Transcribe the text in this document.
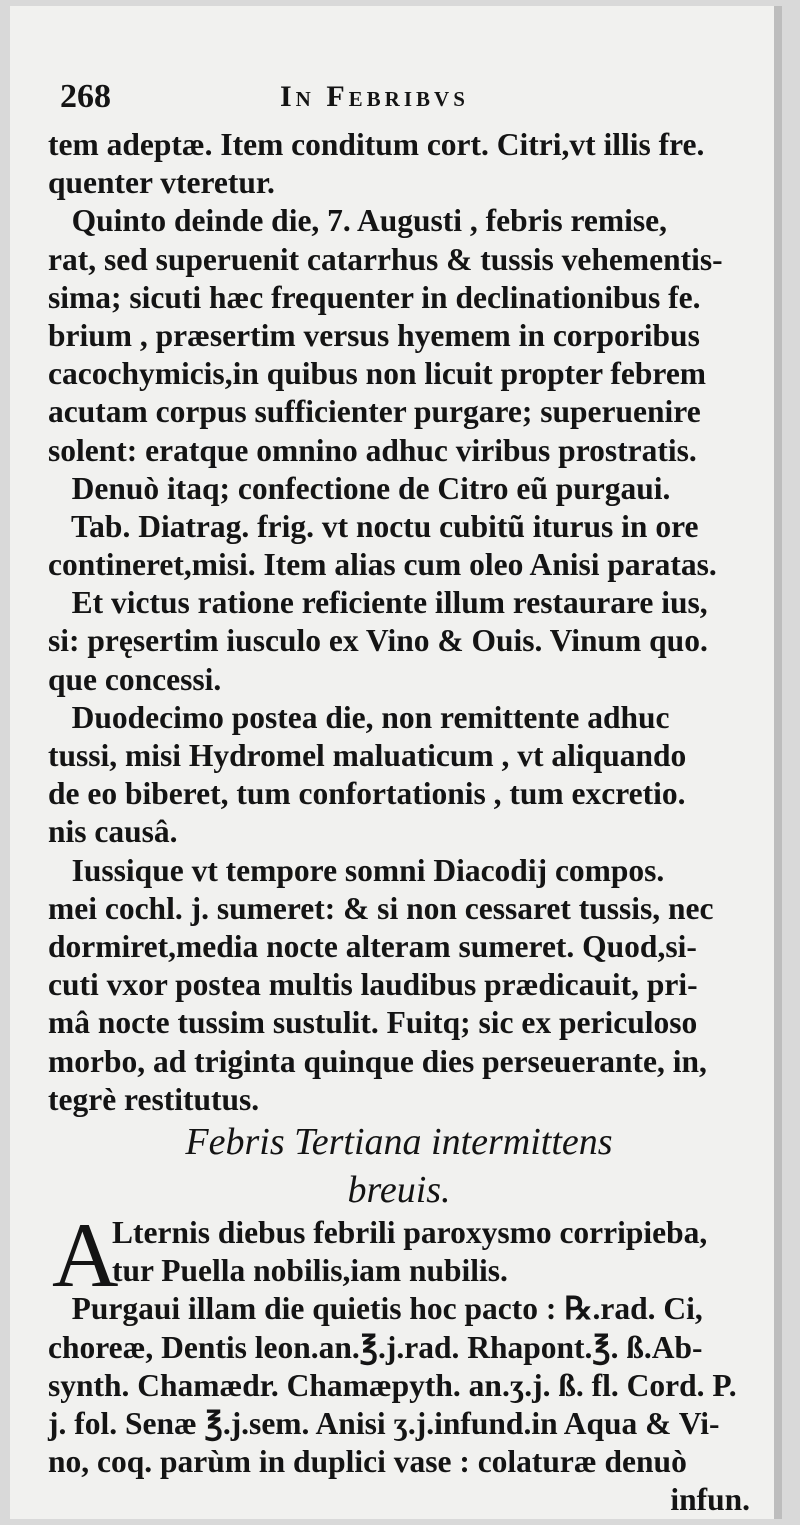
268	In Febribvs
tem adeptæ. Item conditum cort. Citri,vt illis fre.
quenter vteretur.
Quinto deinde die, 7. Augusti , febris remise,
rat, sed superuenit catarrhus & tussis vehementis-
sima; sicuti hæc frequenter in declinationibus fe.
brium , præsertim versus hyemem in corporibus
cacochymicis,in quibus non licuit propter febrem
acutam corpus sufficienter purgare; superuenire
solent: eratque omnino adhuc viribus prostratis.
Denuò itaq; confectione de Citro eũ purgaui.
Tab. Diatrag. frig. vt noctu cubitũ iturus in ore
contineret,misi. Item alias cum oleo Anisi paratas.
Et victus ratione reficiente illum restaurare ius,
si: pręsertim iusculo ex Vino & Ouis. Vinum quo.
que concessi.
Duodecimo postea die, non remittente adhuc
tussi, misi Hydromel maluaticum , vt aliquando
de eo biberet, tum confortationis , tum excretio.
nis causâ.
Iussique vt tempore somni Diacodij compos.
mei cochl. j. sumeret: & si non cessaret tussis, nec
dormiret,media nocte alteram sumeret. Quod,si-
cuti vxor postea multis laudibus prædicauit, pri-
mâ nocte tussim sustulit. Fuitq; sic ex periculoso
morbo, ad triginta quinque dies perseuerante, in,
tegrè restitutus.
Febris Tertiana intermittens
breuis.
A
Lternis diebus febrili paroxysmo corripieba,
tur Puella nobilis,iam nubilis.
Purgaui illam die quietis hoc pacto : ℞.rad. Ci,
choreæ, Dentis leon.an.℥.j.rad. Rhapont.℥. ß.Ab-
synth. Chamædr. Chamæpyth. an.ʒ.j. ß. fl. Cord. P.
j. fol. Senæ ℥.j.sem. Anisi ʒ.j.infund.in Aqua & Vi-
no, coq. parùm in duplici vase : colaturæ denuò
infun.
